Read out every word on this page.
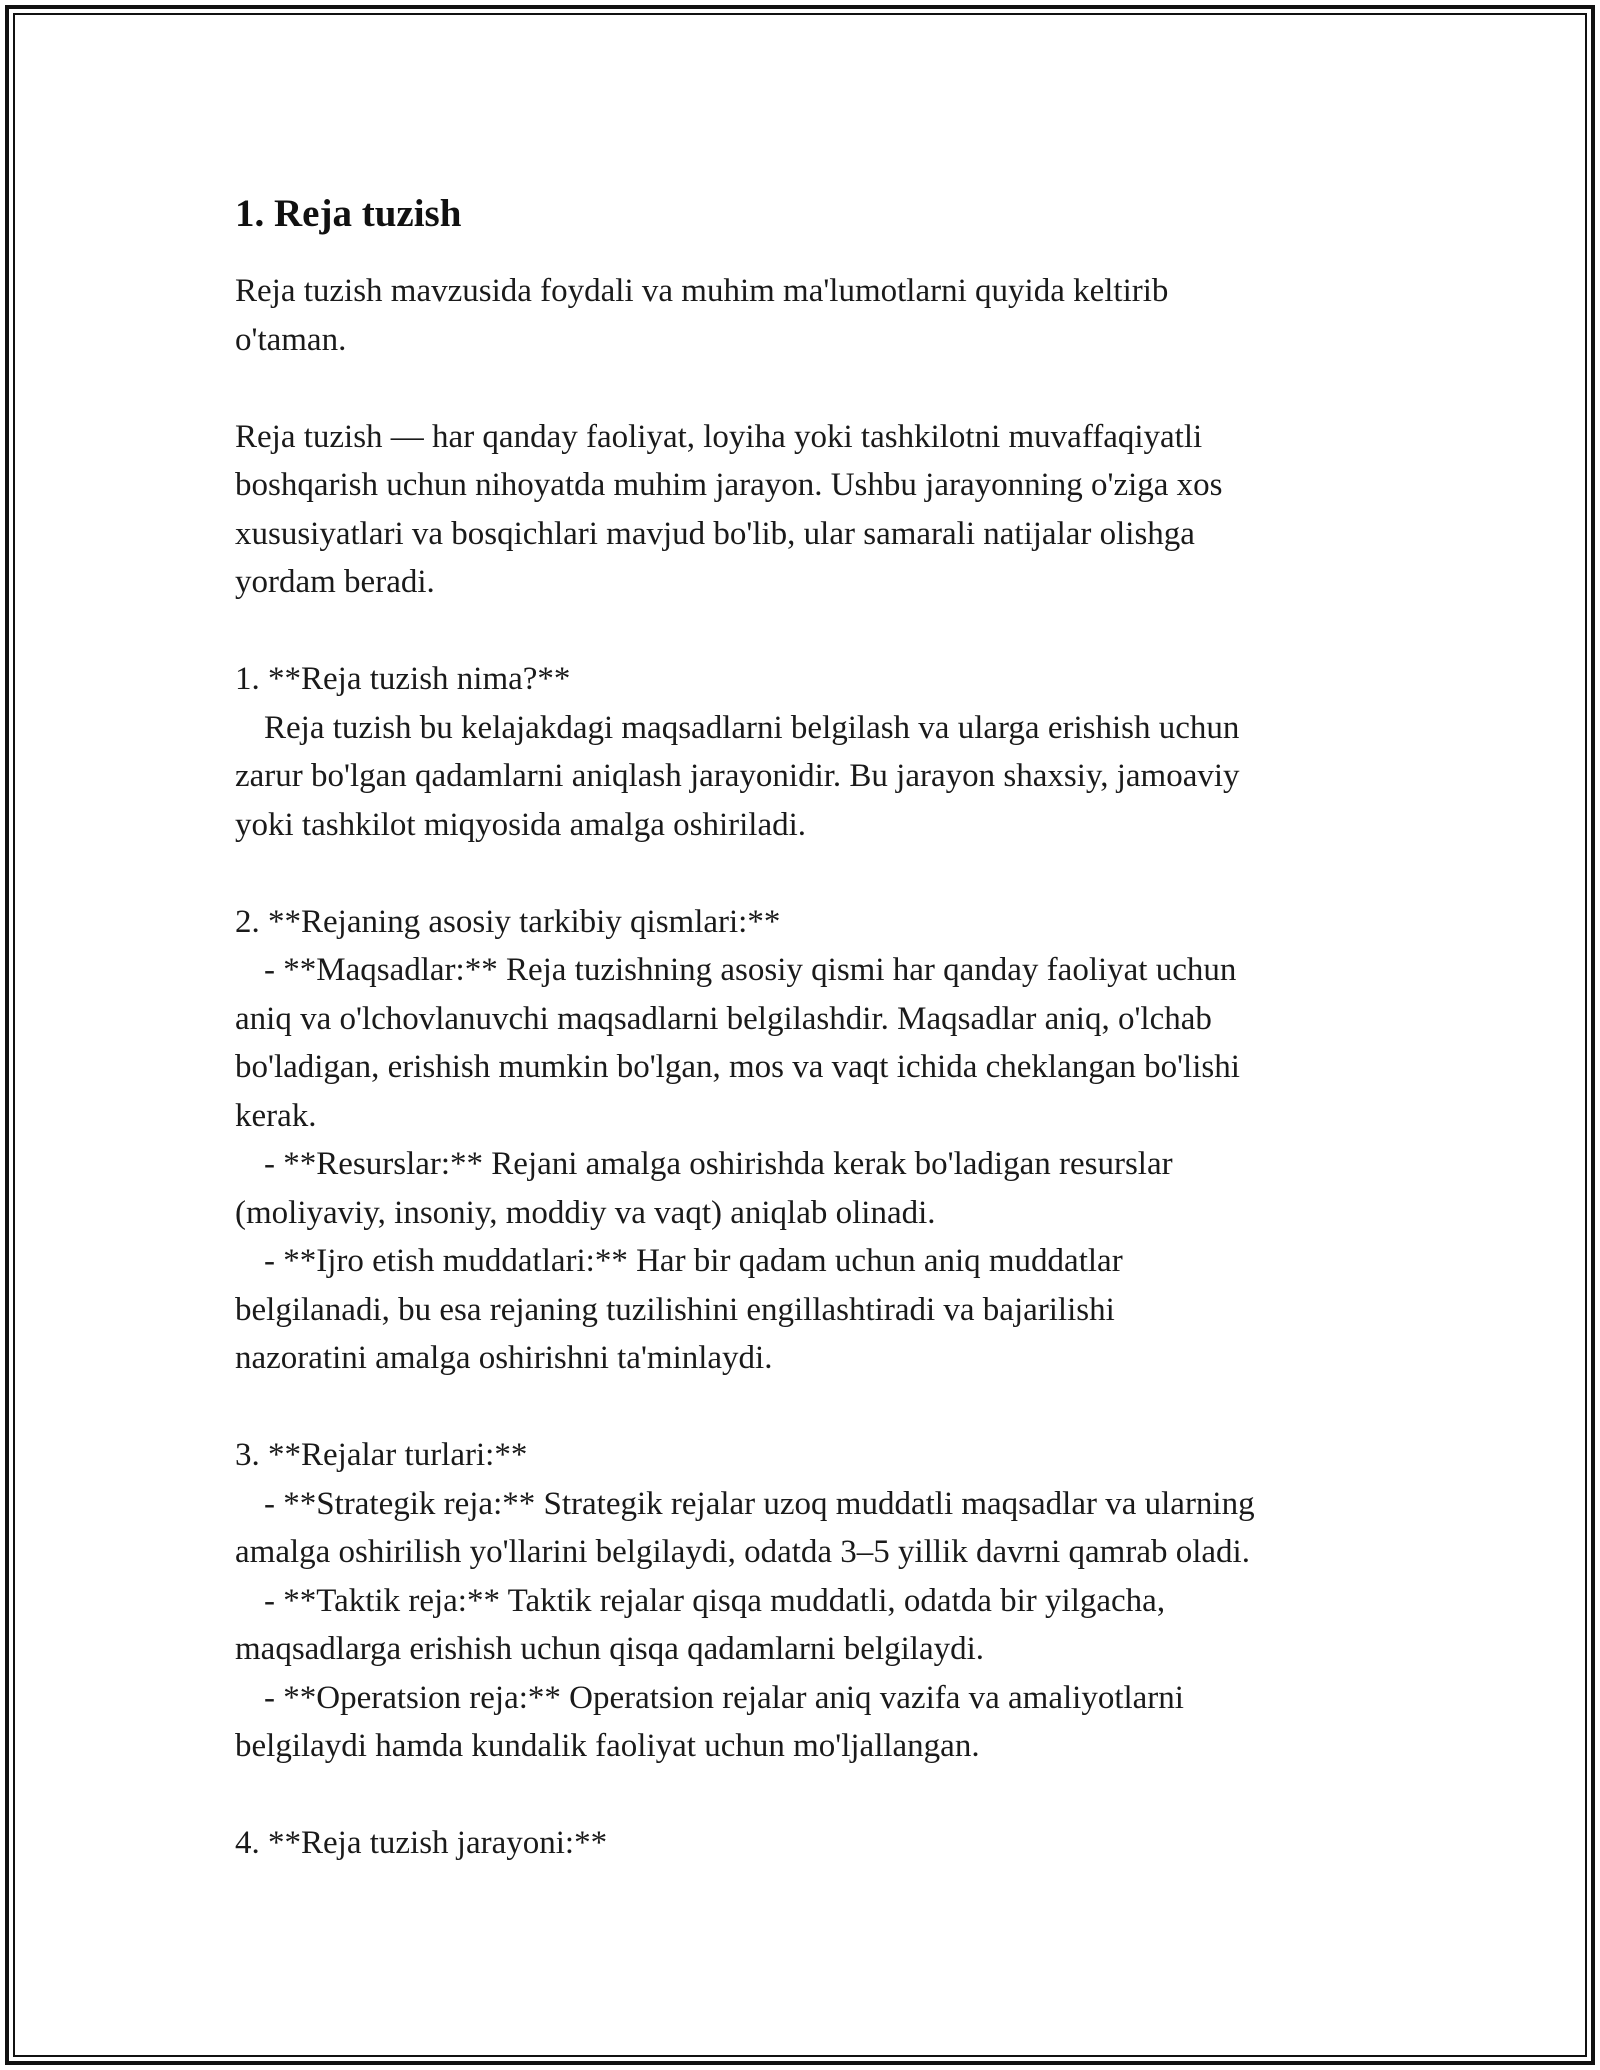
1. Reja tuzish

Reja tuzish mavzusida foydali va muhim ma'lumotlarni quyida keltirib
o'taman.

Reja tuzish — har qanday faoliyat, loyiha yoki tashkilotni muvaffaqiyatli
boshqarish uchun nihoyatda muhim jarayon. Ushbu jarayonning o'ziga xos
xususiyatlari va bosqichlari mavjud bo'lib, ular samarali natijalar olishga
yordam beradi.

1. **Reja tuzish nima?**
Reja tuzish bu kelajakdagi maqsadlarni belgilash va ularga erishish uchun
zarur bo'lgan qadamlarni aniqlash jarayonidir. Bu jarayon shaxsiy, jamoaviy
yoki tashkilot miqyosida amalga oshiriladi.

2. **Rejaning asosiy tarkibiy qismlari:**
- **Maqsadlar:** Reja tuzishning asosiy qismi har qanday faoliyat uchun
aniq va o'lchovlanuvchi maqsadlarni belgilashdir. Maqsadlar aniq, o'lchab
bo'ladigan, erishish mumkin bo'lgan, mos va vaqt ichida cheklangan bo'lishi
kerak.
- **Resurslar:** Rejani amalga oshirishda kerak bo'ladigan resurslar
(moliyaviy, insoniy, moddiy va vaqt) aniqlab olinadi.
- **Ijro etish muddatlari:** Har bir qadam uchun aniq muddatlar
belgilanadi, bu esa rejaning tuzilishini engillashtiradi va bajarilishi
nazoratini amalga oshirishni ta'minlaydi.

3. **Rejalar turlari:**
- **Strategik reja:** Strategik rejalar uzoq muddatli maqsadlar va ularning
amalga oshirilish yo'llarini belgilaydi, odatda 3–5 yillik davrni qamrab oladi.
- **Taktik reja:** Taktik rejalar qisqa muddatli, odatda bir yilgacha,
maqsadlarga erishish uchun qisqa qadamlarni belgilaydi.
- **Operatsion reja:** Operatsion rejalar aniq vazifa va amaliyotlarni
belgilaydi hamda kundalik faoliyat uchun mo'ljallangan.

4. **Reja tuzish jarayoni:**
